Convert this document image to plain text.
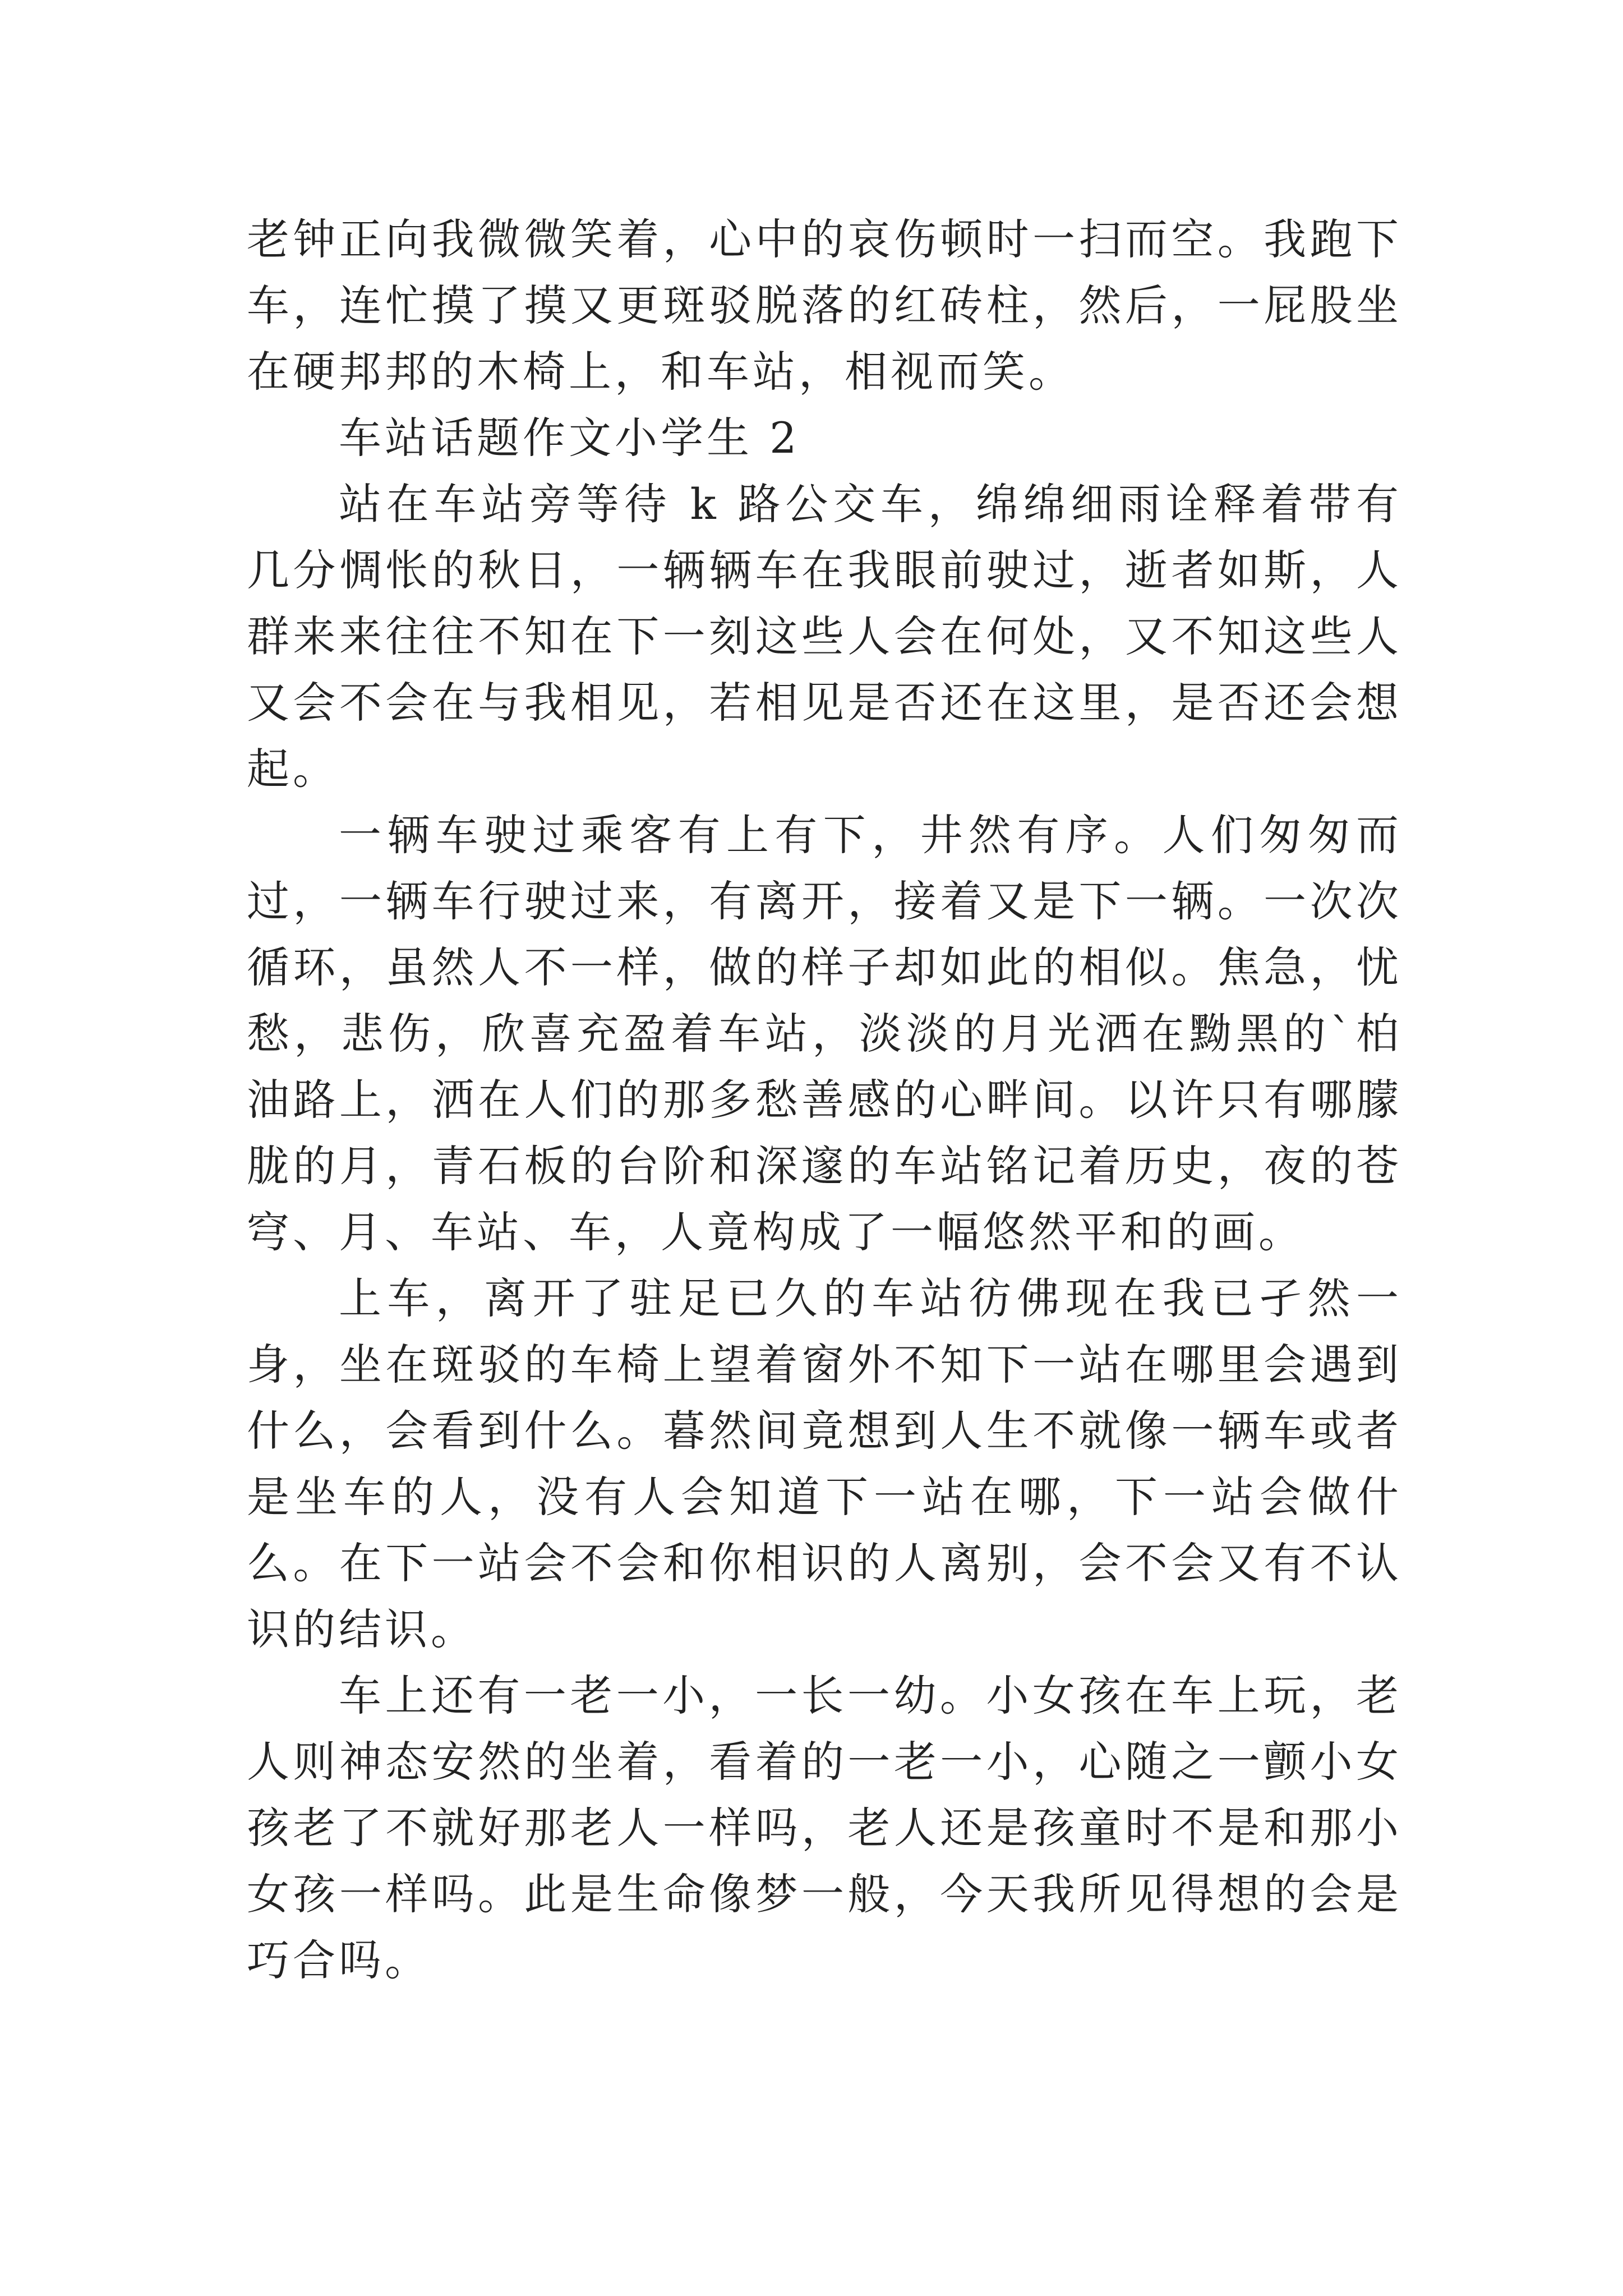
老钟正向我微微笑着，心中的哀伤顿时一扫而空。我跑下车，连忙摸了摸又更斑驳脱落的红砖柱，然后，一屁股坐在硬邦邦的木椅上，和车站，相视而笑。

车站话题作文小学生 2

站在车站旁等待 k 路公交车，绵绵细雨诠释着带有几分惆怅的秋日，一辆辆车在我眼前驶过，逝者如斯，人群来来往往不知在下一刻这些人会在何处，又不知这些人又会不会在与我相见，若相见是否还在这里，是否还会想起。

一辆车驶过乘客有上有下，井然有序。人们匆匆而过，一辆车行驶过来，有离开，接着又是下一辆。一次次循环，虽然人不一样，做的样子却如此的相似。焦急，忧愁，悲伤，欣喜充盈着车站，淡淡的月光洒在黝黑的`柏油路上，洒在人们的那多愁善感的心畔间。以许只有哪朦胧的月，青石板的台阶和深邃的车站铭记着历史，夜的苍穹、月、车站、车，人竟构成了一幅悠然平和的画。

上车，离开了驻足已久的车站彷佛现在我已孑然一身，坐在斑驳的车椅上望着窗外不知下一站在哪里会遇到什么，会看到什么。暮然间竟想到人生不就像一辆车或者是坐车的人，没有人会知道下一站在哪，下一站会做什么。在下一站会不会和你相识的人离别，会不会又有不认识的结识。

车上还有一老一小，一长一幼。小女孩在车上玩，老人则神态安然的坐着，看着的一老一小，心随之一颤小女孩老了不就好那老人一样吗，老人还是孩童时不是和那小女孩一样吗。此是生命像梦一般，今天我所见得想的会是巧合吗。
